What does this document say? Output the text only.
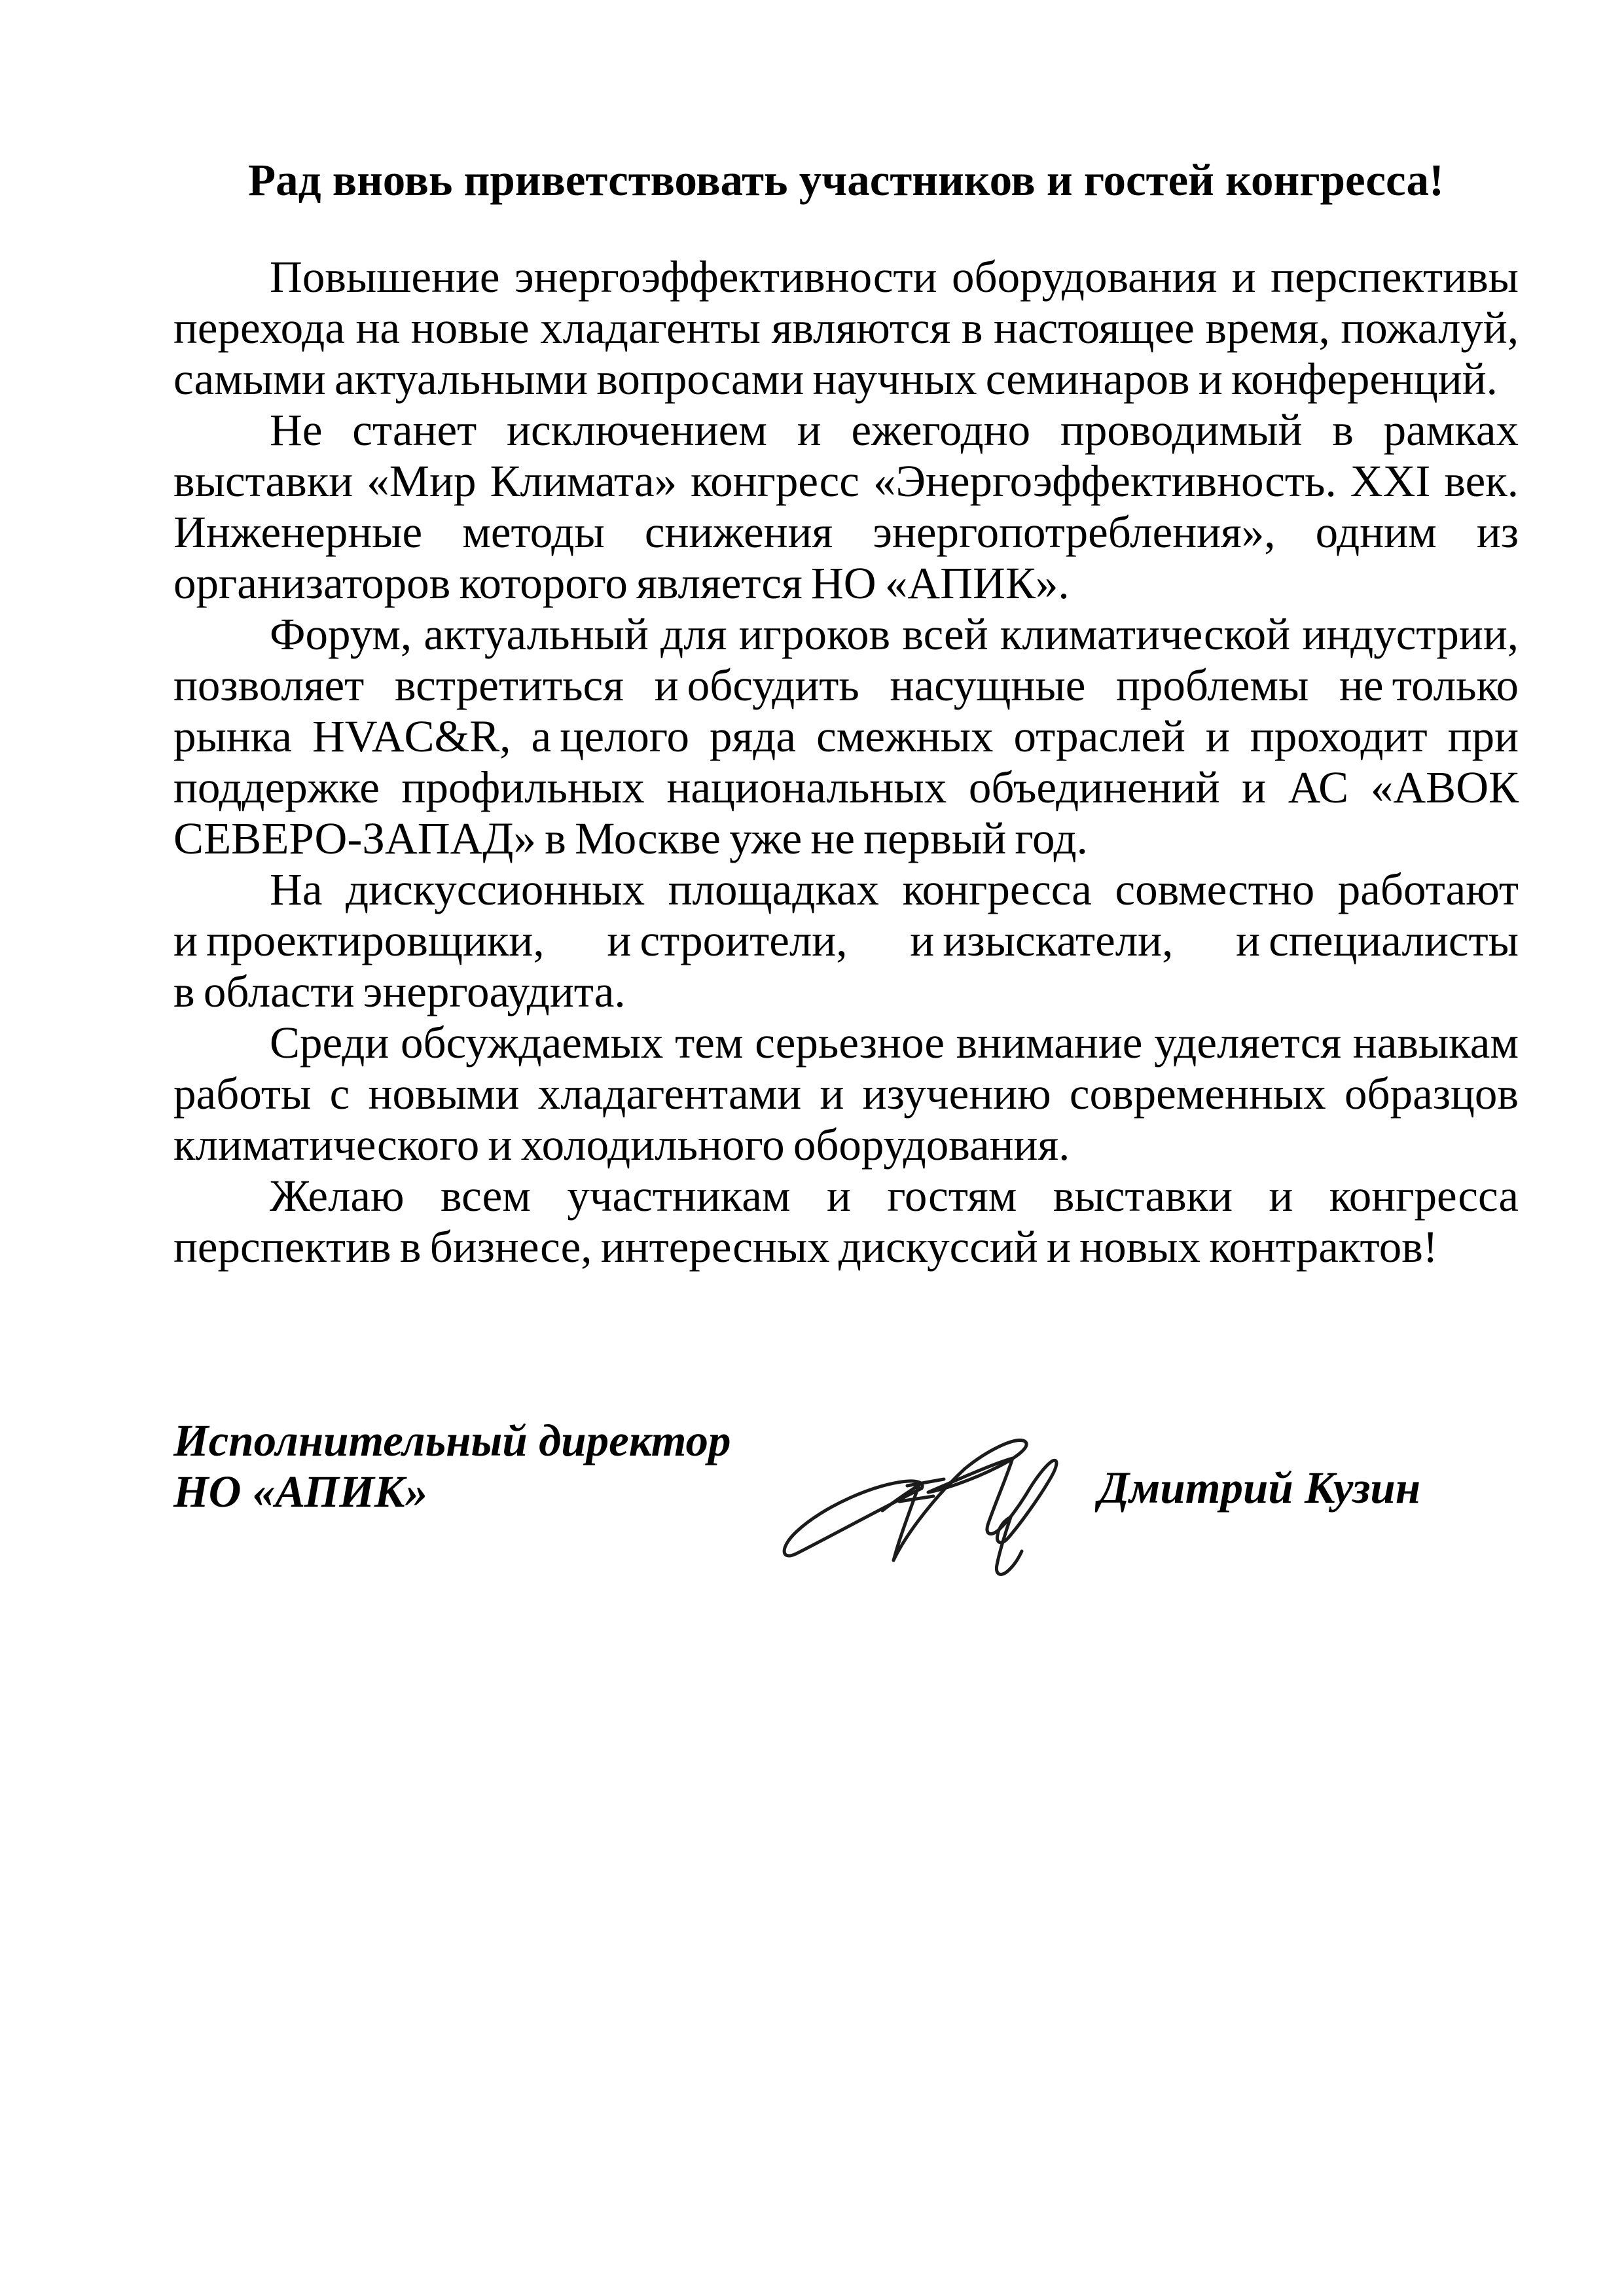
Рад вновь приветствовать участников и гостей конгресса!
Повышение энергоэффективности оборудования и перспективы
перехода на новые хладагенты являются в настоящее время, пожалуй,
самыми актуальными вопросами научных семинаров и конференций.
Не станет исключением и ежегодно проводимый в рамках
выставки «Мир Климата» конгресс «Энергоэффективность. XXI век.
Инженерные методы снижения энергопотребления», одним из
организаторов которого является НО «АПИК».
Форум, актуальный для игроков всей климатической индустрии,
позволяет встретиться и обсудить насущные проблемы не только
рынка HVAC&R, а целого ряда смежных отраслей и проходит при
поддержке профильных национальных объединений и АС «АВОК
СЕВЕРО-ЗАПАД» в Москве уже не первый год.
На дискуссионных площадках конгресса совместно работают
и проектировщики, и строители, и изыскатели, и специалисты
в области энергоаудита.
Среди обсуждаемых тем серьезное внимание уделяется навыкам
работы с новыми хладагентами и изучению современных образцов
климатического и холодильного оборудования.
Желаю всем участникам и гостям выставки и конгресса
перспектив в бизнесе, интересных дискуссий и новых контрактов!
Исполнительный директор
НО «АПИК»	Дмитрий Кузин
